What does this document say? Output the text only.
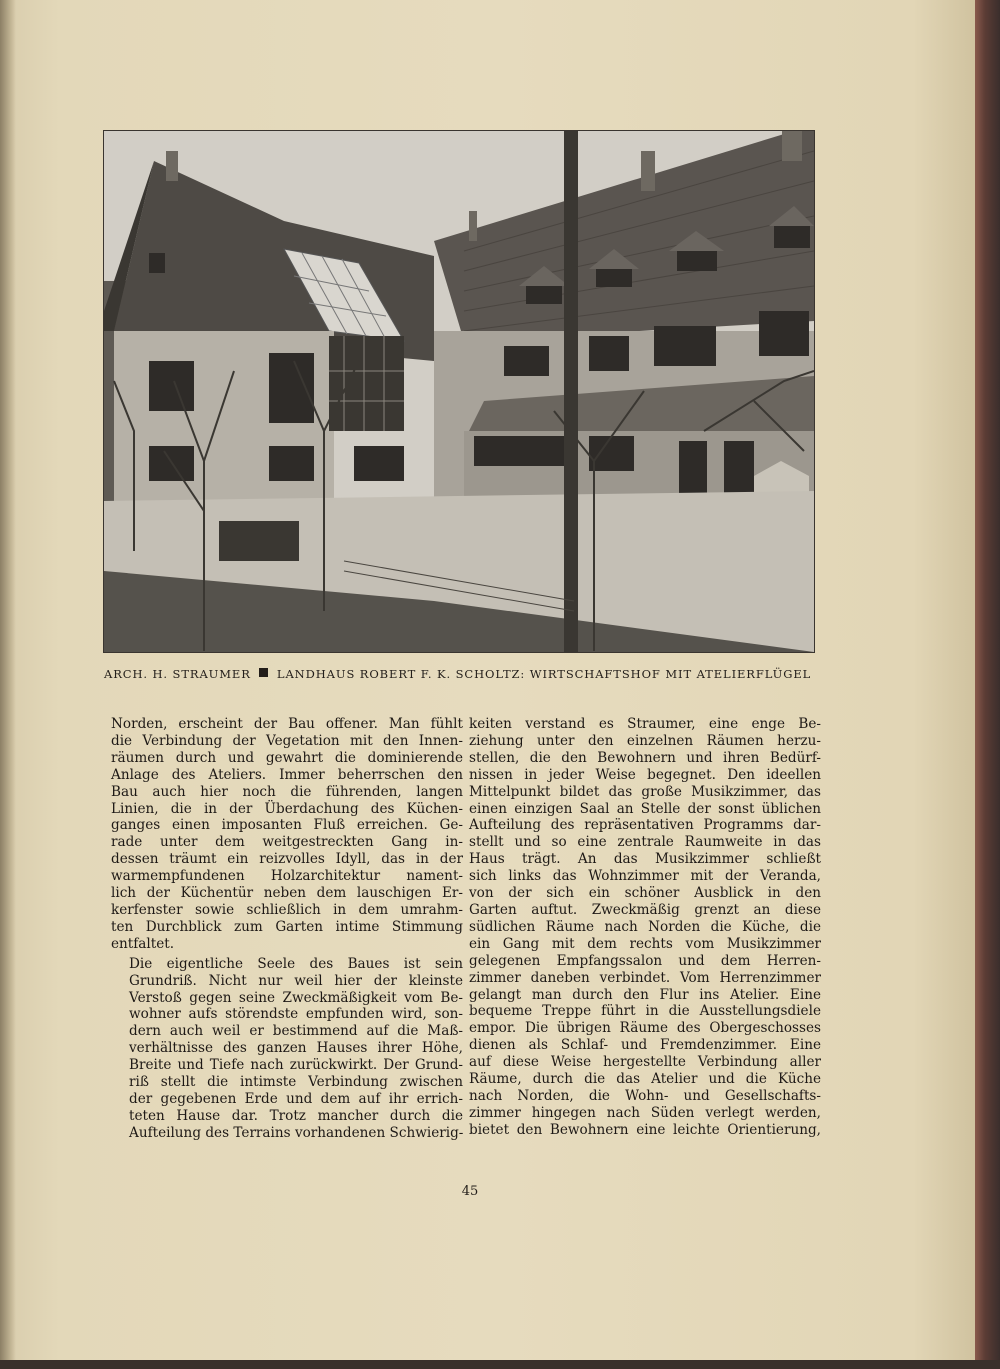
ARCH. H. STRAUMER LANDHAUS ROBERT F. K. SCHOLTZ: WIRTSCHAFTSHOF MIT ATELIERFLÜGEL

Norden, erscheint der Bau offener. Man fühlt
die Verbindung der Vegetation mit den Innen-
räumen durch und gewahrt die dominierende
Anlage des Ateliers. Immer beherrschen den
Bau auch hier noch die führenden, langen
Linien, die in der Überdachung des Küchen-
ganges einen imposanten Fluß erreichen. Ge-
rade unter dem weitgestreckten Gang in-
dessen träumt ein reizvolles Idyll, das in der
warmempfundenen Holzarchitektur nament-
lich der Küchentür neben dem lauschigen Er-
kerfenster sowie schließlich in dem umrahm-
ten Durchblick zum Garten intime Stimmung
entfaltet.

Die eigentliche Seele des Baues ist sein
Grundriß. Nicht nur weil hier der kleinste
Verstoß gegen seine Zweckmäßigkeit vom Be-
wohner aufs störendste empfunden wird, son-
dern auch weil er bestimmend auf die Maß-
verhältnisse des ganzen Hauses ihrer Höhe,
Breite und Tiefe nach zurückwirkt. Der Grund-
riß stellt die intimste Verbindung zwischen
der gegebenen Erde und dem auf ihr errich-
teten Hause dar. Trotz mancher durch die
Aufteilung des Terrains vorhandenen Schwierig-

keiten verstand es Straumer, eine enge Be-
ziehung unter den einzelnen Räumen herzu-
stellen, die den Bewohnern und ihren Bedürf-
nissen in jeder Weise begegnet. Den ideellen
Mittelpunkt bildet das große Musikzimmer, das
einen einzigen Saal an Stelle der sonst üblichen
Aufteilung des repräsentativen Programms dar-
stellt und so eine zentrale Raumweite in das
Haus trägt. An das Musikzimmer schließt
sich links das Wohnzimmer mit der Veranda,
von der sich ein schöner Ausblick in den
Garten auftut. Zweckmäßig grenzt an diese
südlichen Räume nach Norden die Küche, die
ein Gang mit dem rechts vom Musikzimmer
gelegenen Empfangssalon und dem Herren-
zimmer daneben verbindet. Vom Herrenzimmer
gelangt man durch den Flur ins Atelier. Eine
bequeme Treppe führt in die Ausstellungsdiele
empor. Die übrigen Räume des Obergeschosses
dienen als Schlaf- und Fremdenzimmer. Eine
auf diese Weise hergestellte Verbindung aller
Räume, durch die das Atelier und die Küche
nach Norden, die Wohn- und Gesellschafts-
zimmer hingegen nach Süden verlegt werden,
bietet den Bewohnern eine leichte Orientierung,

45
